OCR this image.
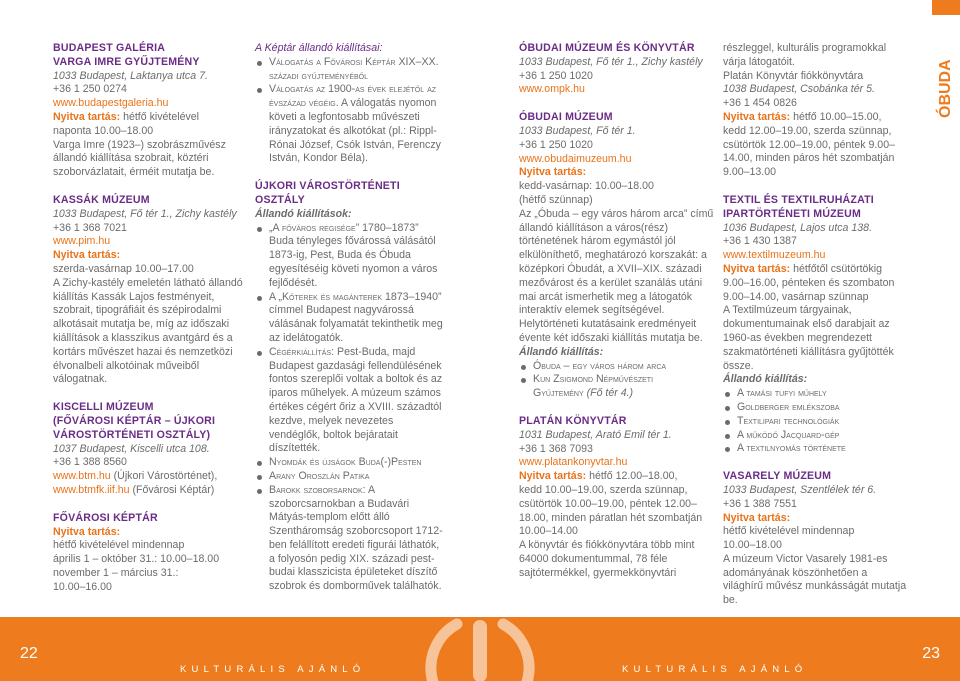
ÓBUDA
BUDAPEST GALÉRIA
VARGA IMRE GYŰJTEMÉNY
1033 Budapest, Laktanya utca 7.
+36 1 250 0274
www.budapestgaleria.hu
Nyitva tartás: hétfő kivételével
naponta 10.00–18.00
Varga Imre (1923–) szobrászművész állandó kiállítása szobrait, köztéri szoborvázlatait, érméit mutatja be.
KASSÁK MÚZEUM
1033 Budapest, Fő tér 1., Zichy kastély
+36 1 368 7021
www.pim.hu
Nyitva tartás:
szerda-vasárnap 10.00–17.00
A Zichy-kastély emeletén látható állandó kiállítás Kassák Lajos festményeit, szobrait, tipográfiáit és szépirodalmi alkotásait mutatja be, míg az időszaki kiállítások a klasszikus avantgárd és a kortárs művészet hazai és nemzetközi élvonalbeli alkotóinak műveiből válogatnak.
KISCELLI MÚZEUM
(FŐVÁROSI KÉPTÁR – ÚJKORI
VÁROSTÖRTÉNETI OSZTÁLY)
1037 Budapest, Kiscelli utca 108.
+36 1 388 8560
www.btm.hu (Újkori Várostörténet),
www.btmfk.iif.hu (Fővárosi Képtár)
FŐVÁROSI KÉPTÁR
Nyitva tartás:
hétfő kivételével mindennap
április 1 – október 31.: 10.00–18.00
november 1 – március 31.:
10.00–16.00
A Képtár állandó kiállításai:
Válogatás a Fővárosi Képtár XIX–XX.
századi gyűjteményéből
Válogatás az 1900-as évek elejétől az évszázad végéig. A válogatás nyomon követi a legfontosabb művészeti irányzatokat és alkotókat (pl.: Rippl-Rónai József, Csók István, Ferenczy István, Kondor Béla).
ÚJKORI VÁROSTÖRTÉNETI
OSZTÁLY
Állandó kiállítások:
„A főváros regisége” 1780–1873” Buda tényleges fővárossá válásától 1873-ig, Pest, Buda és Óbuda egyesítéséig követi nyomon a város fejlődését.
A „Kőterek és magánterek 1873–1940” címmel Budapest nagyvárossá válásának folyamatát tekinthetik meg az idelátogatók.
Cégérkiállítás: Pest-Buda, majd Budapest gazdasági fellendülésének fontos szereplői voltak a boltok és az iparos műhelyek. A múzeum számos értékes cégért őriz a XVIII. századtól kezdve, melyek nevezetes vendéglők, boltok bejáratait díszítették.
Nyomdák és újságok Buda(-)Pesten
Arany Oroszlán Patika
Barokk szoborsarnok: A szoborcsarnokban a Budavári Mátyás-templom előtt álló Szentháromság szoborcsoport 1712-ben felállított eredeti figurái láthatók, a folyosón pedig XIX. századi pest-budai klasszicista épületeket díszítő szobrok és domborművek találhatók.
ÓBUDAI MÚZEUM ÉS KÖNYVTÁR
1033 Budapest, Fő tér 1., Zichy kastély
+36 1 250 1020
www.ompk.hu
ÓBUDAI MÚZEUM
1033 Budapest, Fő tér 1.
+36 1 250 1020
www.obudaimuzeum.hu
Nyitva tartás:
kedd-vasárnap: 10.00–18.00
(hétfő szünnap)
Az „Óbuda – egy város három arca” című állandó kiállításon a város(rész) történetének három egymástól jól elkülöníthető, meghatározó korszakát: a középkori Óbudát, a XVII–XIX. századi mezővárost és a kerület szanálás utáni mai arcát ismerhetik meg a látogatók interaktív elemek segítségével. Helytörténeti kutatásaink eredményeit évente két időszaki kiállítás mutatja be.
Állandó kiállítás:
Óbuda – egy város három arca
Kun Zsigmond Népművészeti
Gyűjtemény (Fő tér 4.)
PLATÁN KÖNYVTÁR
1031 Budapest, Arató Emil tér 1.
+36 1 368 7093
www.platankonyvtar.hu
Nyitva tartás: hétfő 12.00–18.00,
kedd 10.00–19.00, szerda szünnap, csütörtök 10.00–19.00, péntek 12.00–18.00, minden páratlan hét szombatján 10.00–14.00
A könyvtár és fiókkönyvtára több mint 64000 dokumentummal, 78 féle sajtótermékkel, gyermekkönyvtári
részleggel, kulturális programokkal várja látogatóit.
Platán Könyvtár fiókkönyvtára
1038 Budapest, Csobánka tér 5.
+36 1 454 0826
Nyitva tartás: hétfő 10.00–15.00,
kedd 12.00–19.00, szerda szünnap, csütörtök 12.00–19.00, péntek 9.00–14.00, minden páros hét szombatján 9.00–13.00
TEXTIL ÉS TEXTILRUHÁZATI
IPARTÖRTÉNETI MÚZEUM
1036 Budapest, Lajos utca 138.
+36 1 430 1387
www.textilmuzeum.hu
Nyitva tartás: hétfőtől csütörtökig
9.00–16.00, pénteken és szombaton 9.00–14.00, vasárnap szünnap
A Textilmúzeum tárgyainak, dokumentumainak első darabjait az 1960-as években megrendezett szakmatörténeti kiállításra gyűjtötték össze.
Állandó kiállítás:
A tamási tufyi műhely
Goldberger emlékszoba
Textilipari technológiák
A működő Jacquard-gép
A textilnyomás története
VASARELY MÚZEUM
1033 Budapest, Szentlélek tér 6.
+36 1 388 7551
Nyitva tartás:
hétfő kivételével mindennap
10.00–18.00
A múzeum Victor Vasarely 1981-es adományának köszönhetően a világhírű művész munkásságát mutatja be.
22	23
KULTURÁLIS AJÁNLÓ	KULTURÁLIS AJÁNLÓ
